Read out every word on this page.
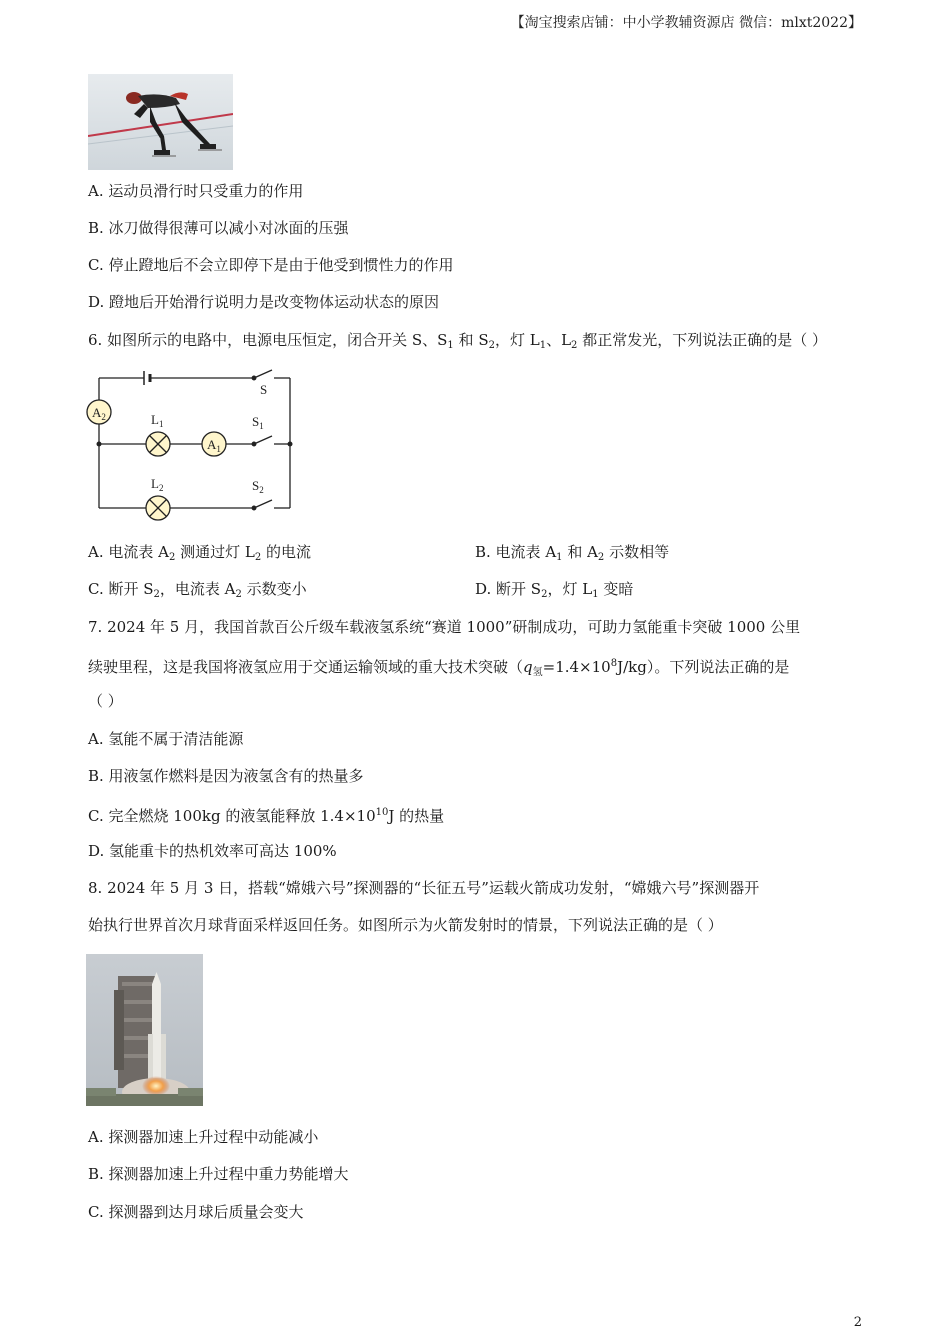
【淘宝搜索店铺：中小学教辅资源店 微信：mlxt2022】
A. 运动员滑行时只受重力的作用
B. 冰刀做得很薄可以减小对冰面的压强
C. 停止蹬地后不会立即停下是由于他受到惯性力的作用
D. 蹬地后开始滑行说明力是改变物体运动状态的原因
6. 如图所示的电路中，电源电压恒定，闭合开关 S、$S_1$ 和 $S_2$，灯 $L_1$、$L_2$ 都正常发光，下列说法正确的是（ ）
$A_2$	$L_1$
$A_1$
$L_2$
S
$S_1$
$S_2$
A. 电流表 $A_2$ 测通过灯 $L_2$ 的电流	B. 电流表 $A_1$ 和 $A_2$ 示数相等
C. 断开 $S_2$，电流表 $A_2$ 示数变小	D. 断开 $S_2$，灯 $L_1$ 变暗
7. 2024 年 5 月，我国首款百公斤级车载液氢系统“赛道 1000”研制成功，可助力氢能重卡突破 1000 公里
续驶里程，这是我国将液氢应用于交通运输领域的重大技术突破$(q_氢=1.4\times 10^8J/kg)$。下列说法正确的是
（ ）
A. 氢能不属于清洁能源
B. 用液氢作燃料是因为液氢含有的热量多
C. 完全燃烧 100kg 的液氢能释放 $1.4\times 10^{10}J$ 的热量
D. 氢能重卡的热机效率可高达 100%
8. 2024 年 5 月 3 日，搭载“嫦娥六号”探测器的“长征五号”运载火箭成功发射，“嫦娥六号”探测器开
始执行世界首次月球背面采样返回任务。如图所示为火箭发射时的情景，下列说法正确的是（ ）
A. 探测器加速上升过程中动能减小
B. 探测器加速上升过程中重力势能增大
C. 探测器到达月球后质量会变大
2
